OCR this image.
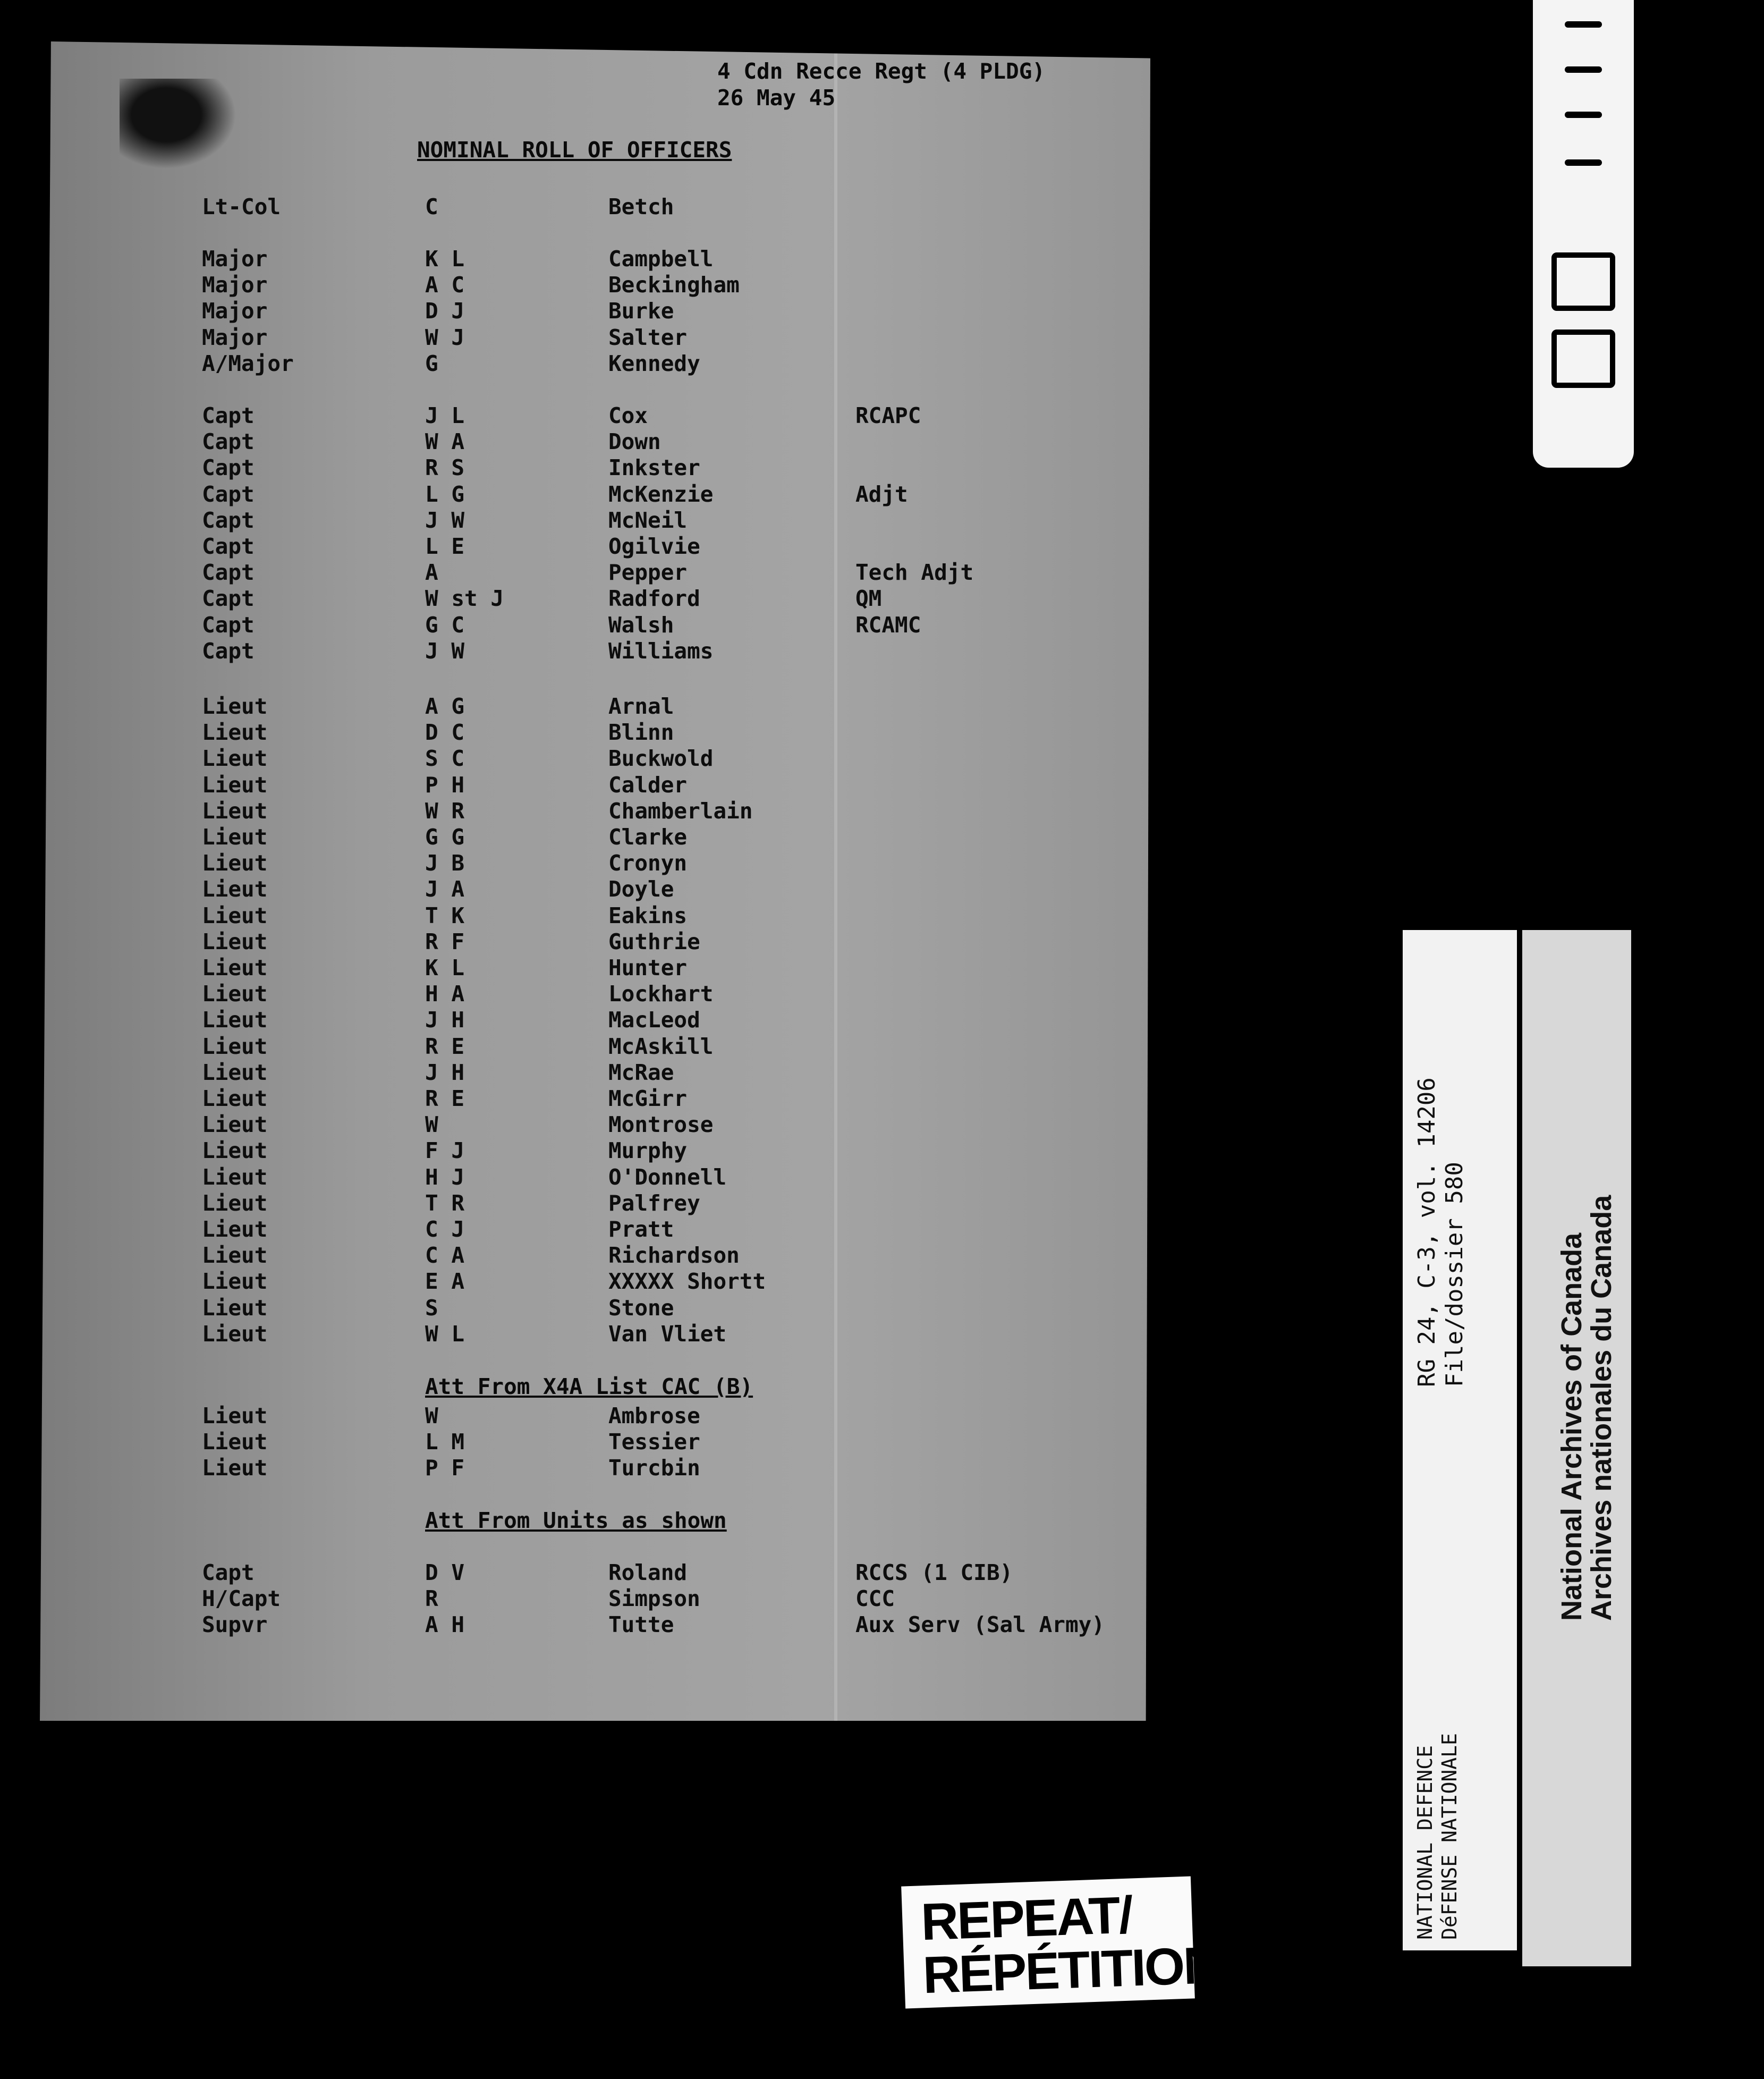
4 Cdn Recce Regt (4 PLDG)
26 May 45
NOMINAL ROLL OF OFFICERS
Lt-Col	C	Betch
Major	K L	Campbell
Major	A C	Beckingham
Major	D J	Burke
Major	W J	Salter
A/Major	G	Kennedy
Capt	J L	Cox	RCAPC
Capt	W A	Down
Capt	R S	Inkster
Capt	L G	McKenzie	Adjt
Capt	J W	McNeil
Capt	L E	Ogilvie
Capt	A	Pepper	Tech Adjt
Capt	W st J	Radford	QM
Capt	G C	Walsh	RCAMC
Capt	J W	Williams
Lieut	A G	Arnal
Lieut	D C	Blinn
Lieut	S C	Buckwold
Lieut	P H	Calder
Lieut	W R	Chamberlain
Lieut	G G	Clarke
Lieut	J B	Cronyn
Lieut	J A	Doyle
Lieut	T K	Eakins
Lieut	R F	Guthrie
Lieut	K L	Hunter
Lieut	H A	Lockhart
Lieut	J H	MacLeod
Lieut	R E	McAskill
Lieut	J H	McRae
Lieut	R E	McGirr
Lieut	W	Montrose
Lieut	F J	Murphy
Lieut	H J	O'Donnell
Lieut	T R	Palfrey
Lieut	C J	Pratt
Lieut	C A	Richardson
Lieut	E A	XXXXX Shortt
Lieut	S	Stone
Lieut	W L	Van Vliet
Att From X4A List CAC (B)
Lieut	W	Ambrose
Lieut	L M	Tessier
Lieut	P F	Turcbin
Att From Units as shown
Capt	D V	Roland	RCCS (1 CIB)
H/Capt	R	Simpson	CCC
Supvr	A H	Tutte	Aux Serv (Sal Army)
RG 24, C-3, vol. 14206 File/dossier 580
NATIONAL DEFENCE DéFENSE NATIONALE
National Archives of Canada
Archives nationales du Canada
REPEAT/
RÉPÉTITION
